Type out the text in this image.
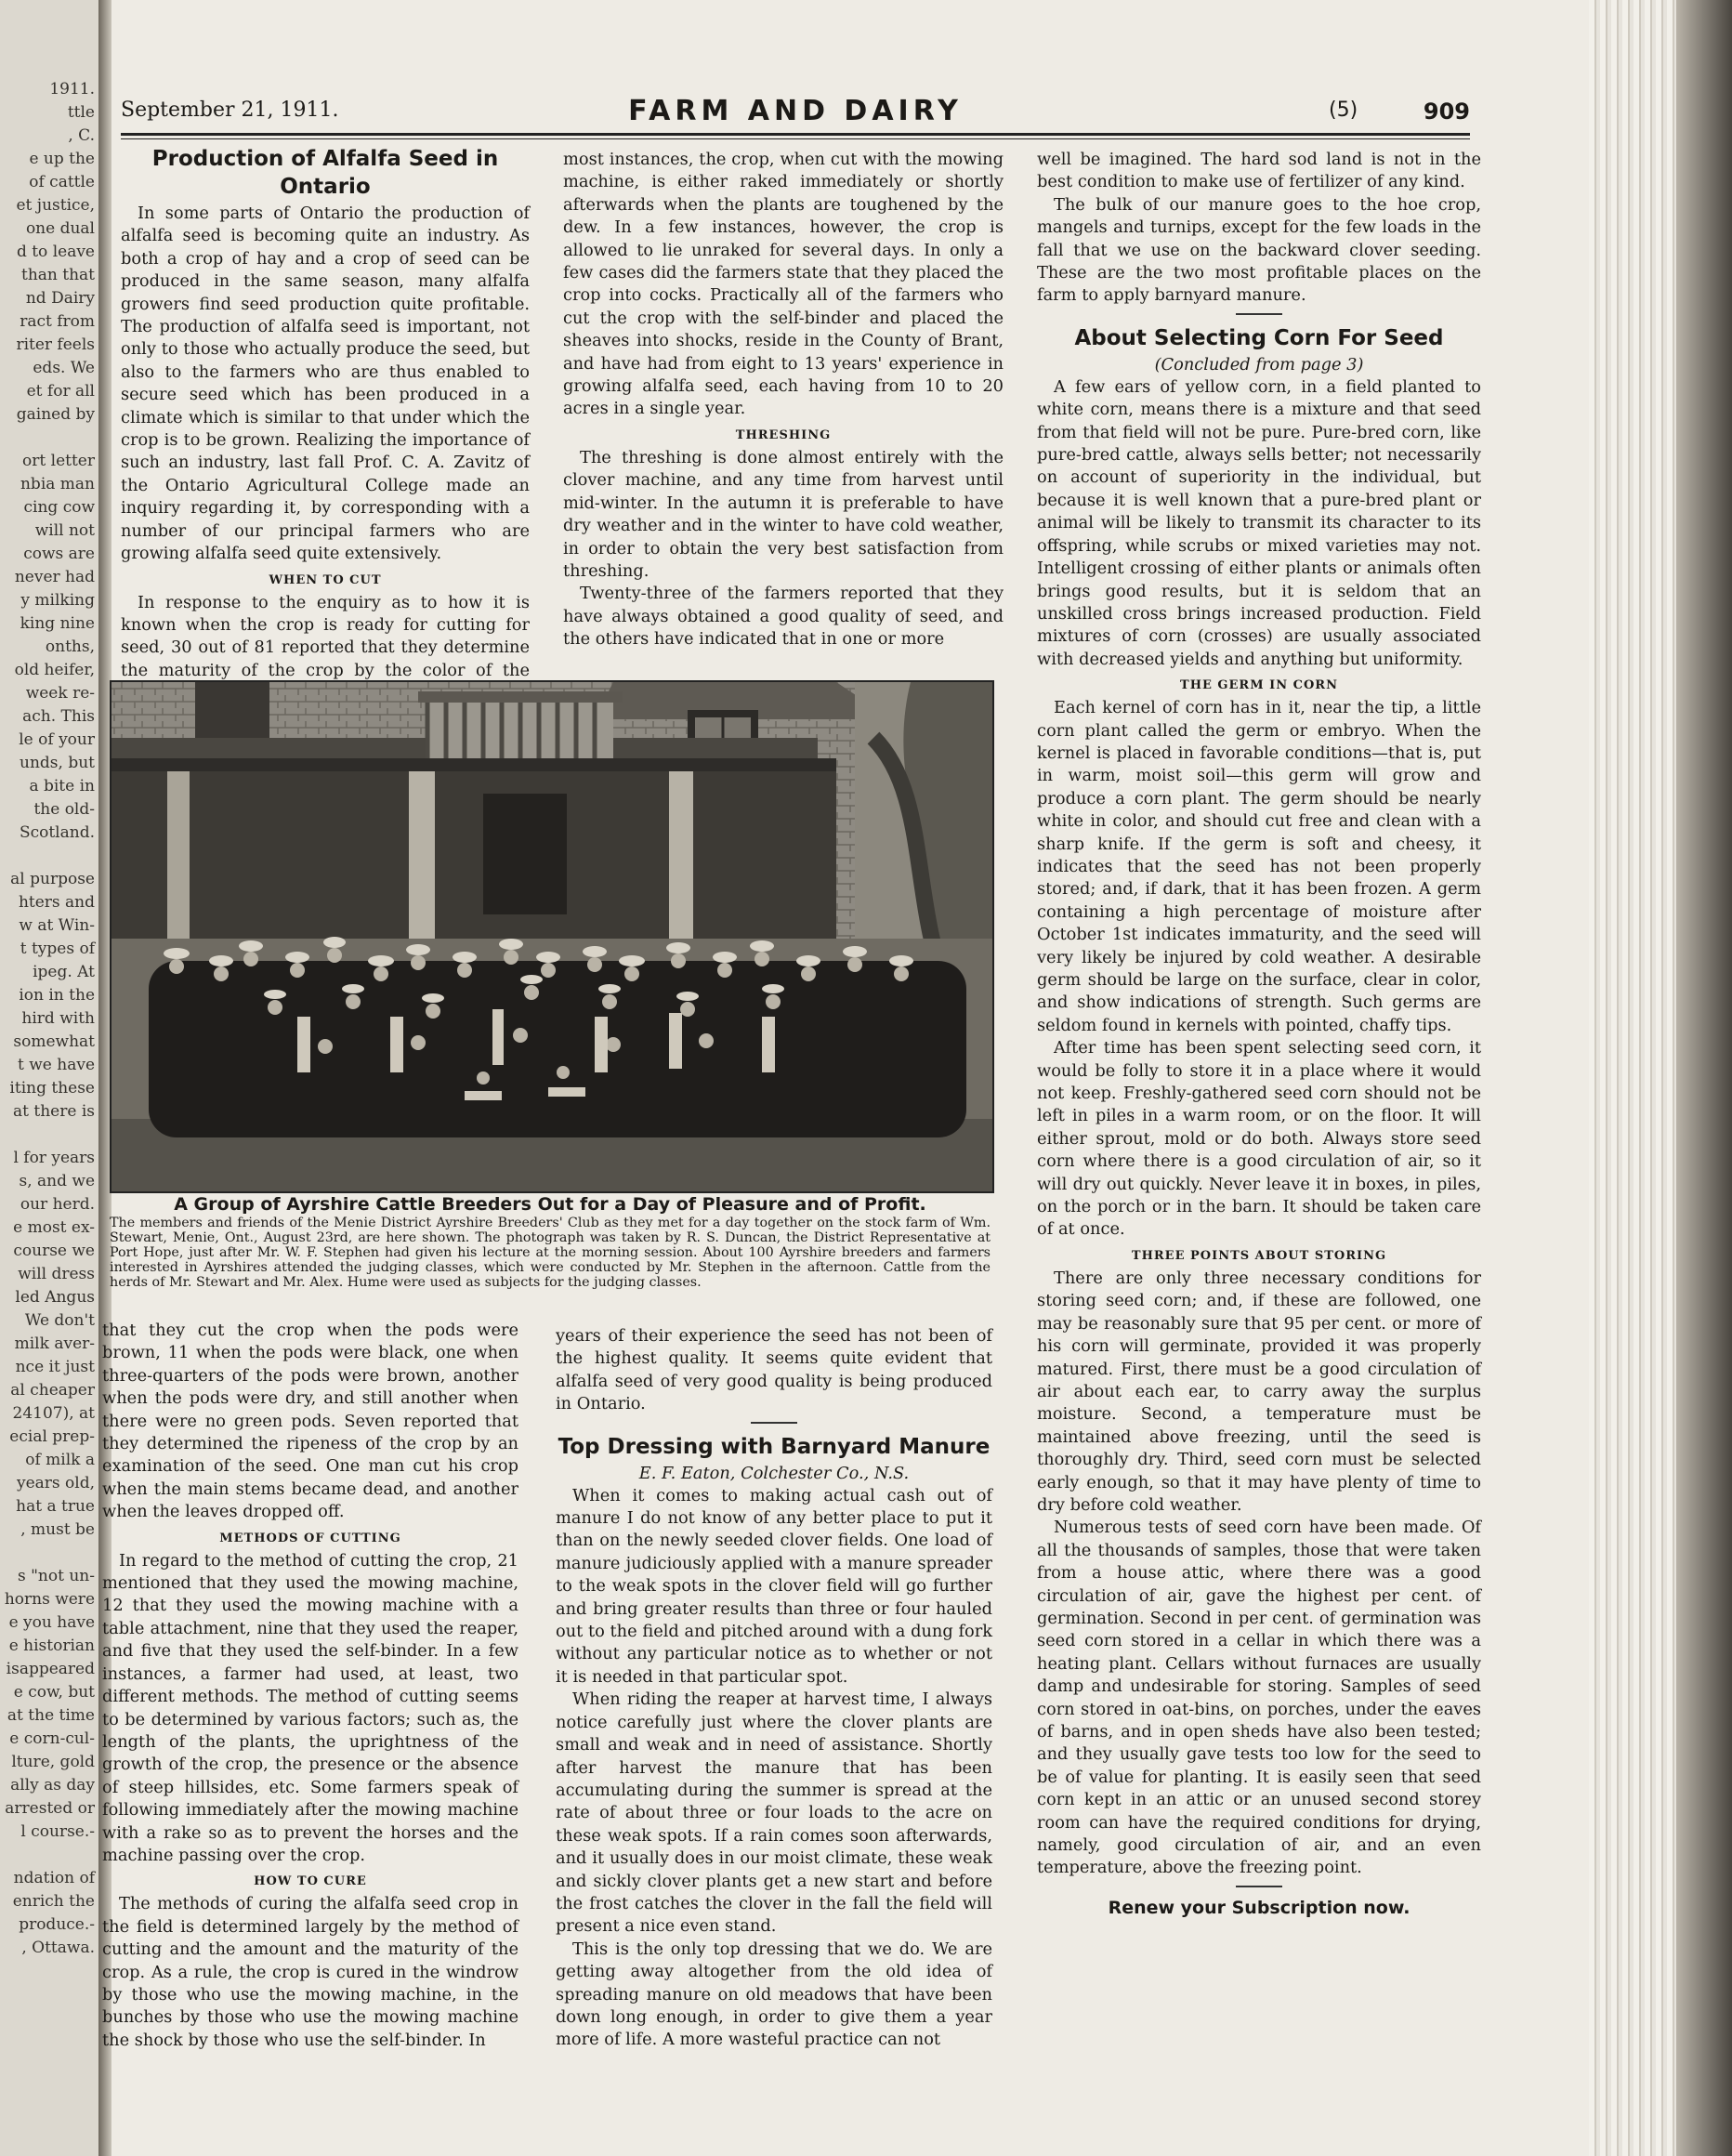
1911.
ttle
, C.
e up the
of cattle
et justice,
one dual
d to leave
than that
nd Dairy
ract from
riter feels
eds. We
et for all
gained by
ort letter
nbia man
cing cow
will not
cows are
never had
y milking
king nine
onths,
old heifer,
week re-
ach. This
le of your
unds, but
a bite in
the old-
Scotland.
al purpose
hters and
w at Win-
t types of
ipeg. At
ion in the
hird with
somewhat
t we have
iting these
at there is
l for years
s, and we
our herd.
e most ex-
course we
will dress
led Angus
We don't
milk aver-
nce it just
al cheaper
24107), at
ecial prep-
of milk a
years old,
hat a true
, must be
s "not un-
horns were
e you have
e historian
isappeared
e cow, but
at the time
e corn-cul-
lture, gold
ally as day
arrested or
l course.-
ndation of
enrich the
produce.-
, Ottawa.
September 21, 1911.	FARM AND DAIRY	(5)	909
Production of Alfalfa Seed in Ontario

In some parts of Ontario the production of alfalfa seed is becoming quite an industry. As both a crop of hay and a crop of seed can be produced in the same season, many alfalfa growers find seed production quite profitable. The production of alfalfa seed is important, not only to those who actually produce the seed, but also to the farmers who are thus enabled to secure seed which has been produced in a climate which is similar to that under which the crop is to be grown. Realizing the importance of such an industry, last fall Prof. C. A. Zavitz of the Ontario Agricultural College made an inquiry regarding it, by corresponding with a number of our principal farmers who are growing alfalfa seed quite extensively.

WHEN TO CUT

In response to the enquiry as to how it is known when the crop is ready for cutting for seed, 30 out of 81 reported that they determine the maturity of the crop by the color of the

most instances, the crop, when cut with the mowing machine, is either raked immediately or shortly afterwards when the plants are toughened by the dew. In a few instances, however, the crop is allowed to lie unraked for several days. In only a few cases did the farmers state that they placed the crop into cocks. Practically all of the farmers who cut the crop with the self-binder and placed the sheaves into shocks, reside in the County of Brant, and have had from eight to 13 years' experience in growing alfalfa seed, each having from 10 to 20 acres in a single year.

THRESHING

The threshing is done almost entirely with the clover machine, and any time from harvest until mid-winter. In the autumn it is preferable to have dry weather and in the winter to have cold weather, in order to obtain the very best satisfaction from threshing.

Twenty-three of the farmers reported that they have always obtained a good quality of seed, and the others have indicated that in one or more

A Group of Ayrshire Cattle Breeders Out for a Day of Pleasure and of Profit.
The members and friends of the Menie District Ayrshire Breeders' Club as they met for a day together on the stock farm of Wm. Stewart, Menie, Ont., August 23rd, are here shown. The photograph was taken by R. S. Duncan, the District Representative at Port Hope, just after Mr. W. F. Stephen had given his lecture at the morning session. About 100 Ayrshire breeders and farmers interested in Ayrshires attended the judging classes, which were conducted by Mr. Stephen in the afternoon. Cattle from the herds of Mr. Stewart and Mr. Alex. Hume were used as subjects for the judging classes.

that they cut the crop when the pods were brown, 11 when the pods were black, one when three-quarters of the pods were brown, another when the pods were dry, and still another when there were no green pods. Seven reported that they determined the ripeness of the crop by an examination of the seed. One man cut his crop when the main stems became dead, and another when the leaves dropped off.

METHODS OF CUTTING

In regard to the method of cutting the crop, 21 mentioned that they used the mowing machine, 12 that they used the mowing machine with a table attachment, nine that they used the reaper, and five that they used the self-binder. In a few instances, a farmer had used, at least, two different methods. The method of cutting seems to be determined by various factors; such as, the length of the plants, the uprightness of the growth of the crop, the presence or the absence of steep hillsides, etc. Some farmers speak of following immediately after the mowing machine with a rake so as to prevent the horses and the machine passing over the crop.

HOW TO CURE

The methods of curing the alfalfa seed crop in the field is determined largely by the method of cutting and the amount and the maturity of the crop. As a rule, the crop is cured in the windrow by those who use the mowing machine, in the bunches by those who use the mowing machine the shock by those who use the self-binder. In

years of their experience the seed has not been of the highest quality. It seems quite evident that alfalfa seed of very good quality is being produced in Ontario.

Top Dressing with Barnyard Manure
E. F. Eaton, Colchester Co., N.S.

When it comes to making actual cash out of manure I do not know of any better place to put it than on the newly seeded clover fields. One load of manure judiciously applied with a manure spreader to the weak spots in the clover field will go further and bring greater results than three or four hauled out to the field and pitched around with a dung fork without any particular notice as to whether or not it is needed in that particular spot.

When riding the reaper at harvest time, I always notice carefully just where the clover plants are small and weak and in need of assistance. Shortly after harvest the manure that has been accumulating during the summer is spread at the rate of about three or four loads to the acre on these weak spots. If a rain comes soon afterwards, and it usually does in our moist climate, these weak and sickly clover plants get a new start and before the frost catches the clover in the fall the field will present a nice even stand.

This is the only top dressing that we do. We are getting away altogether from the old idea of spreading manure on old meadows that have been down long enough, in order to give them a year more of life. A more wasteful practice can not

well be imagined. The hard sod land is not in the best condition to make use of fertilizer of any kind.

The bulk of our manure goes to the hoe crop, mangels and turnips, except for the few loads in the fall that we use on the backward clover seeding. These are the two most profitable places on the farm to apply barnyard manure.

About Selecting Corn For Seed
(Concluded from page 3)

A few ears of yellow corn, in a field planted to white corn, means there is a mixture and that seed from that field will not be pure. Pure-bred corn, like pure-bred cattle, always sells better; not necessarily on account of superiority in the individual, but because it is well known that a pure-bred plant or animal will be likely to transmit its character to its offspring, while scrubs or mixed varieties may not. Intelligent crossing of either plants or animals often brings good results, but it is seldom that an unskilled cross brings increased production. Field mixtures of corn (crosses) are usually associated with decreased yields and anything but uniformity.

THE GERM IN CORN

Each kernel of corn has in it, near the tip, a little corn plant called the germ or embryo. When the kernel is placed in favorable conditions—that is, put in warm, moist soil—this germ will grow and produce a corn plant. The germ should be nearly white in color, and should cut free and clean with a sharp knife. If the germ is soft and cheesy, it indicates that the seed has not been properly stored; and, if dark, that it has been frozen. A germ containing a high percentage of moisture after October 1st indicates immaturity, and the seed will very likely be injured by cold weather. A desirable germ should be large on the surface, clear in color, and show indications of strength. Such germs are seldom found in kernels with pointed, chaffy tips.

After time has been spent selecting seed corn, it would be folly to store it in a place where it would not keep. Freshly-gathered seed corn should not be left in piles in a warm room, or on the floor. It will either sprout, mold or do both. Always store seed corn where there is a good circulation of air, so it will dry out quickly. Never leave it in boxes, in piles, on the porch or in the barn. It should be taken care of at once.

THREE POINTS ABOUT STORING

There are only three necessary conditions for storing seed corn; and, if these are followed, one may be reasonably sure that 95 per cent. or more of his corn will germinate, provided it was properly matured. First, there must be a good circulation of air about each ear, to carry away the surplus moisture. Second, a temperature must be maintained above freezing, until the seed is thoroughly dry. Third, seed corn must be selected early enough, so that it may have plenty of time to dry before cold weather.

Numerous tests of seed corn have been made. Of all the thousands of samples, those that were taken from a house attic, where there was a good circulation of air, gave the highest per cent. of germination. Second in per cent. of germination was seed corn stored in a cellar in which there was a heating plant. Cellars without furnaces are usually damp and undesirable for storing. Samples of seed corn stored in oat-bins, on porches, under the eaves of barns, and in open sheds have also been tested; and they usually gave tests too low for the seed to be of value for planting. It is easily seen that seed corn kept in an attic or an unused second storey room can have the required conditions for drying, namely, good circulation of air, and an even temperature, above the freezing point.

Renew your Subscription now.
